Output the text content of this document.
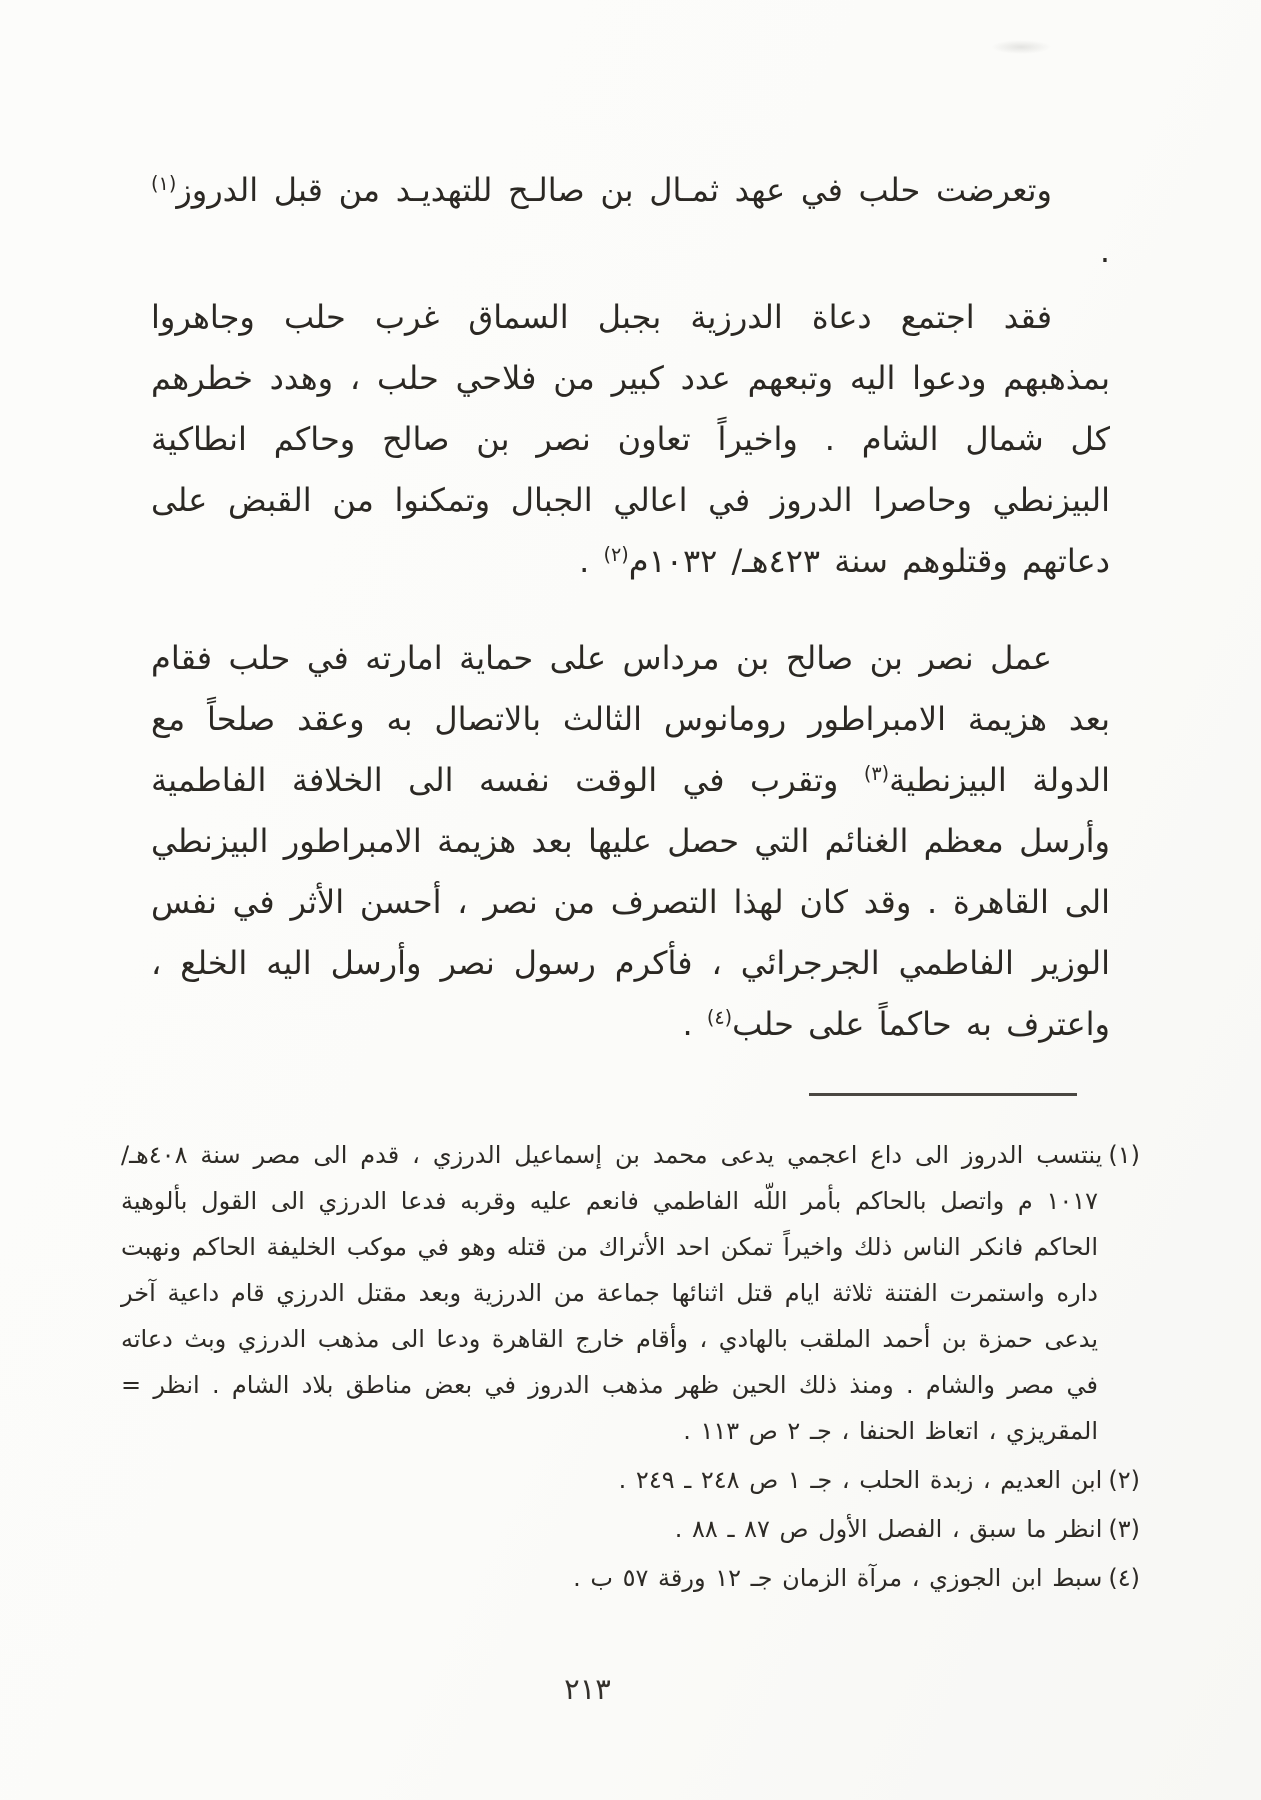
وتعرضت حلب في عهد ثمـال بن صالـح للتهديـد من قبل الدروز$^{(١)}$ .

فقد اجتمع دعاة الدرزية بجبل السماق غرب حلب وجاهروا بمذهبهم ودعوا اليه وتبعهم عدد كبير من فلاحي حلب ، وهدد خطرهم كل شمال الشام . واخيراً تعاون نصر بن صالح وحاكم انطاكية البيزنطي وحاصرا الدروز في اعالي الجبال وتمكنوا من القبض على دعاتهم وقتلوهم سنة ٤٢٣هـ/ ١٠٣٢م$^{(٢)}$ .

عمل نصر بن صالح بن مرداس على حماية امارته في حلب فقام بعد هزيمة الامبراطور رومانوس الثالث بالاتصال به وعقد صلحاً مع الدولة البيزنطية$^{(٣)}$ وتقرب في الوقت نفسه الى الخلافة الفاطمية وأرسل معظم الغنائم التي حصل عليها بعد هزيمة الامبراطور البيزنطي الى القاهرة . وقد كان لهذا التصرف من نصر ، أحسن الأثر في نفس الوزير الفاطمي الجرجرائي ، فأكرم رسول نصر وأرسل اليه الخلع ، واعترف به حاكماً على حلب$^{(٤)}$ .

(١)ينتسب الدروز الى داع اعجمي يدعى محمد بن إسماعيل الدرزي ، قدم الى مصر سنة ٤٠٨هـ/ ١٠١٧ م واتصل بالحاكم بأمر اللّه الفاطمي فانعم عليه وقربه فدعا الدرزي الى القول بألوهية الحاكم فانكر الناس ذلك واخيراً تمكن احد الأتراك من قتله وهو في موكب الخليفة الحاكم ونهبت داره واستمرت الفتنة ثلاثة ايام قتل اثنائها جماعة من الدرزية وبعد مقتل الدرزي قام داعية آخر يدعى حمزة بن أحمد الملقب بالهادي ، وأقام خارج القاهرة ودعا الى مذهب الدرزي وبث دعاته في مصر والشام . ومنذ ذلك الحين ظهر مذهب الدروز في بعض مناطق بلاد الشام . انظر = المقريزي ، اتعاظ الحنفا ، جـ ٢ ص ١١٣ .

(٢)ابن العديم ، زبدة الحلب ، جـ ١ ص ٢٤٨ ـ ٢٤٩ .

(٣)انظر ما سبق ، الفصل الأول ص ٨٧ ـ ٨٨ .

(٤)سبط ابن الجوزي ، مرآة الزمان جـ ١٢ ورقة ٥٧ ب .

٢١٣
